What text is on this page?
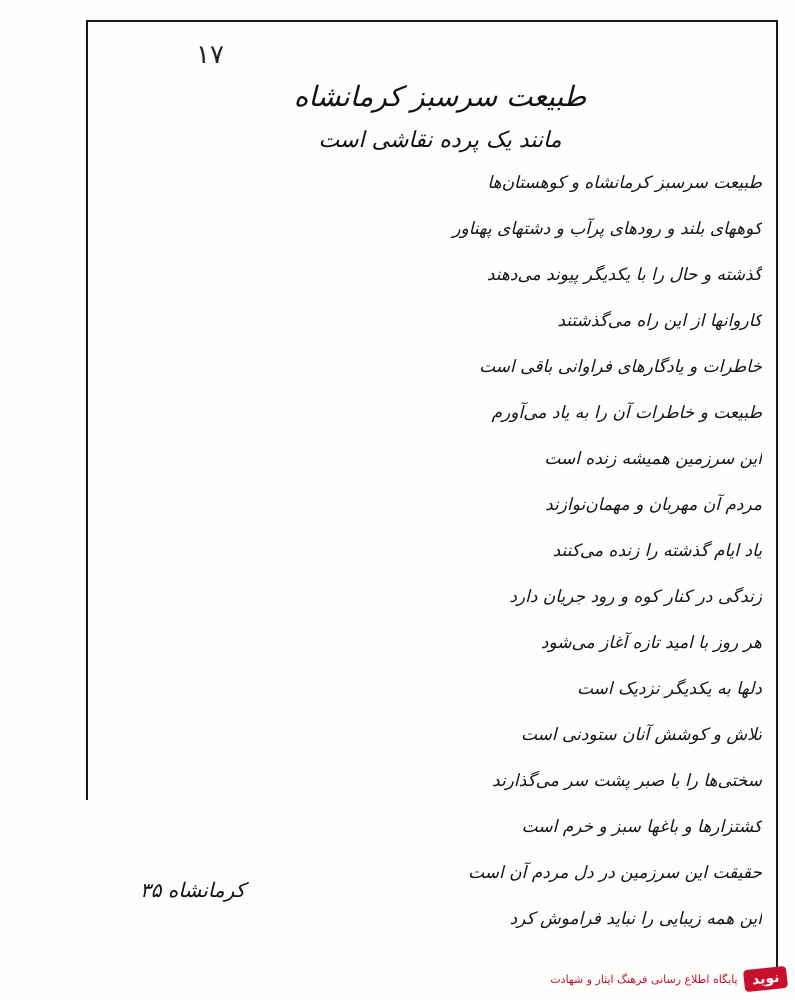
۱۷
طبیعت سرسبز کرمانشاه
مانند یک پرده نقاشی است
طبیعت سرسبز کرمانشاه و کوهستان‌ها
کوههای بلند و رودهای پرآب و دشتهای پهناور
گذشته و حال را با یکدیگر پیوند می‌دهند
کاروانها از این راه می‌گذشتند
خاطرات و یادگارهای فراوانی باقی است
طبیعت و خاطرات آن را به یاد می‌آورم
این سرزمین همیشه زنده است
مردم آن مهربان و مهمان‌نوازند
یاد ایام گذشته را زنده می‌کنند
زندگی در کنار کوه و رود جریان دارد
هر روز با امید تازه آغاز می‌شود
دلها به یکدیگر نزدیک است
تلاش و کوشش آنان ستودنی است
سختی‌ها را با صبر پشت سر می‌گذارند
کشتزارها و باغها سبز و خرم است
حقیقت این سرزمین در دل مردم آن است
این همه زیبایی را نباید فراموش کرد
کرمانشاه ۳۵
نوید
پایگاه اطلاع رسانی فرهنگ ایثار و شهادت
